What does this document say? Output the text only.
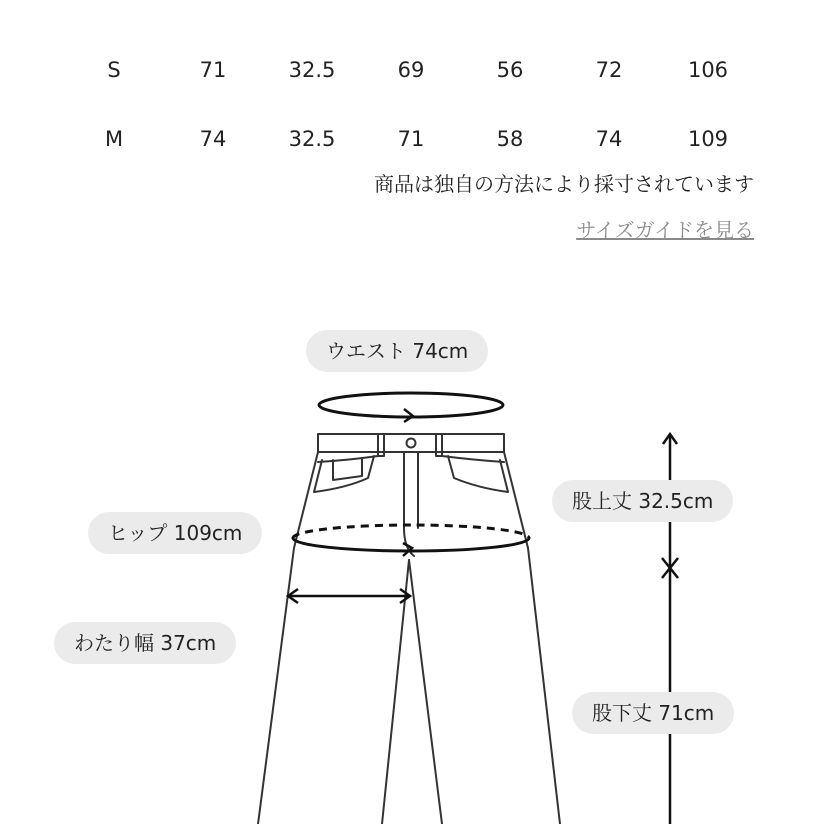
S	71	32.5	69	56	72	106
M	74	32.5	71	58	74	109
商品は独自の方法により採寸されています
サイズガイドを見る
ウエスト 74cm
股上丈 32.5cm
ヒップ 109cm
わたり幅 37cm
股下丈 71cm
